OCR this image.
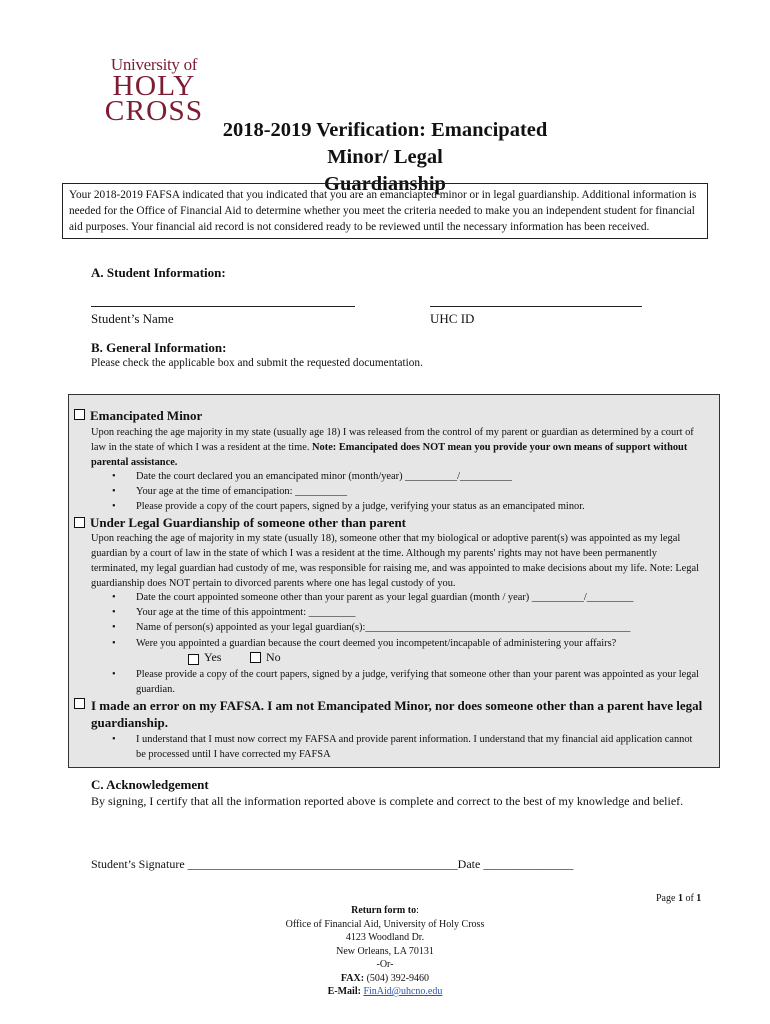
University of
HOLY
CROSS
2018-2019 Verification: Emancipated Minor/ Legal
Guardianship
Your 2018-2019 FAFSA indicated that you indicated that you are an emanciapted minor or in legal guardianship. Additional information is needed for the Office of Financial Aid to determine whether you meet the criteria needed to make you an independent student for financial aid purposes. Your financial aid record is not considered ready to be reviewed until the necessary information has been received.
A. Student Information:
Student’s Name	UHC ID
B. General Information:
Please check the applicable box and submit the requested documentation.
Emancipated Minor
Upon reaching the age majority in my state (usually age 18) I was released from the control of my parent or guardian as determined by a court of law in the state of which I was a resident at the time. Note: Emancipated does NOT mean you provide your own means of support without parental assistance.
• Date the court declared you an emancipated minor (month/year) __________/__________
• Your age at the time of emancipation: __________
• Please provide a copy of the court papers, signed by a judge, verifying your status as an emancipated minor.
Under Legal Guardianship of someone other than parent
Upon reaching the age of majority in my state (usually 18), someone other that my biological or adoptive parent(s) was appointed as my legal guardian by a court of law in the state of which I was a resident at the time. Although my parents' rights may not have been permanently terminated, my legal guardian had custody of me, was responsible for raising me, and was appointed to make decisions about my life. Note: Legal guardianship does NOT pertain to divorced parents where one has legal custody of you.
• Date the court appointed someone other than your parent as your legal guardian (month / year) __________/_________
• Your age at the time of this appointment: _________
• Name of person(s) appointed as your legal guardian(s):___________________________________________________
• Were you appointed a guardian because the court deemed you incompetent/incapable of administering your affairs?
Yes	No
• Please provide a copy of the court papers, signed by a judge, verifying that someone other than your parent was appointed as your legal guardian.
I made an error on my FAFSA. I am not Emancipated Minor, nor does someone other than a parent have legal guardianship.
• I understand that I must now correct my FAFSA and provide parent information. I understand that my financial aid application cannot be processed until I have corrected my FAFSA
C. Acknowledgement
By signing, I certify that all the information reported above is complete and correct to the best of my knowledge and belief.
Student’s Signature _____________________________________________Date _______________
Page 1 of 1
Return form to:
Office of Financial Aid, University of Holy Cross
4123 Woodland Dr.
New Orleans, LA 70131
-Or-
FAX: (504) 392-9460
E-Mail: FinAid@uhcno.edu
